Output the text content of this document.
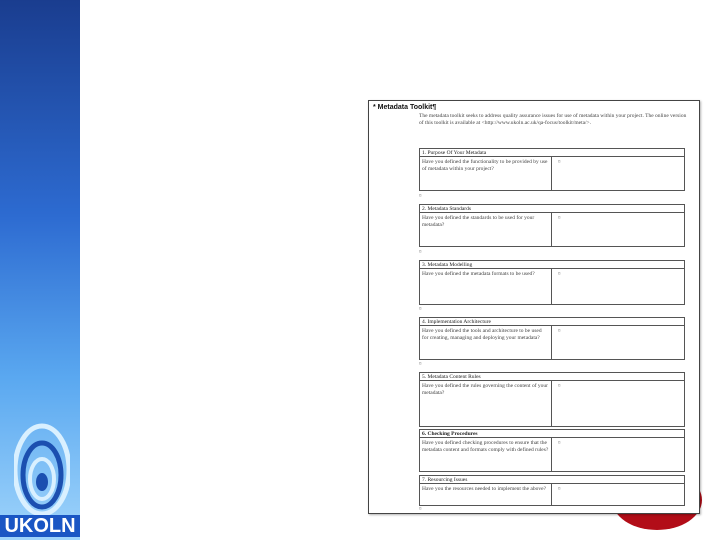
UKOLN
* Metadata Toolkit¶
The metadata toolkit seeks to address quality assurance issues for use of metadata within your project. The online version of this toolkit is available at <http://www.ukoln.ac.uk/qa-focus/toolkit/meta/>.
1. Purpose Of Your Metadata
Have you defined the functionality to be provided by use of metadata within your project?
¤
¤
2. Metadata Standards
Have you defined the standards to be used for your metadata?
¤
¤
3. Metadata Modelling
Have you defined the metadata formats to be used?	¤
¤
4. Implementation Architecture
Have you defined the tools and architecture to be used for creating, managing and deploying your metadata?
¤
¤
5. Metadata Content Rules
Have you defined the rules governing the content of your metadata?
¤
6. Checking Procedures
Have you defined checking procedures to ensure that the metadata content and formats comply with defined rules?
¤
7. Resourcing Issues
Have you the resources needed to implement the above?	¤
¤
